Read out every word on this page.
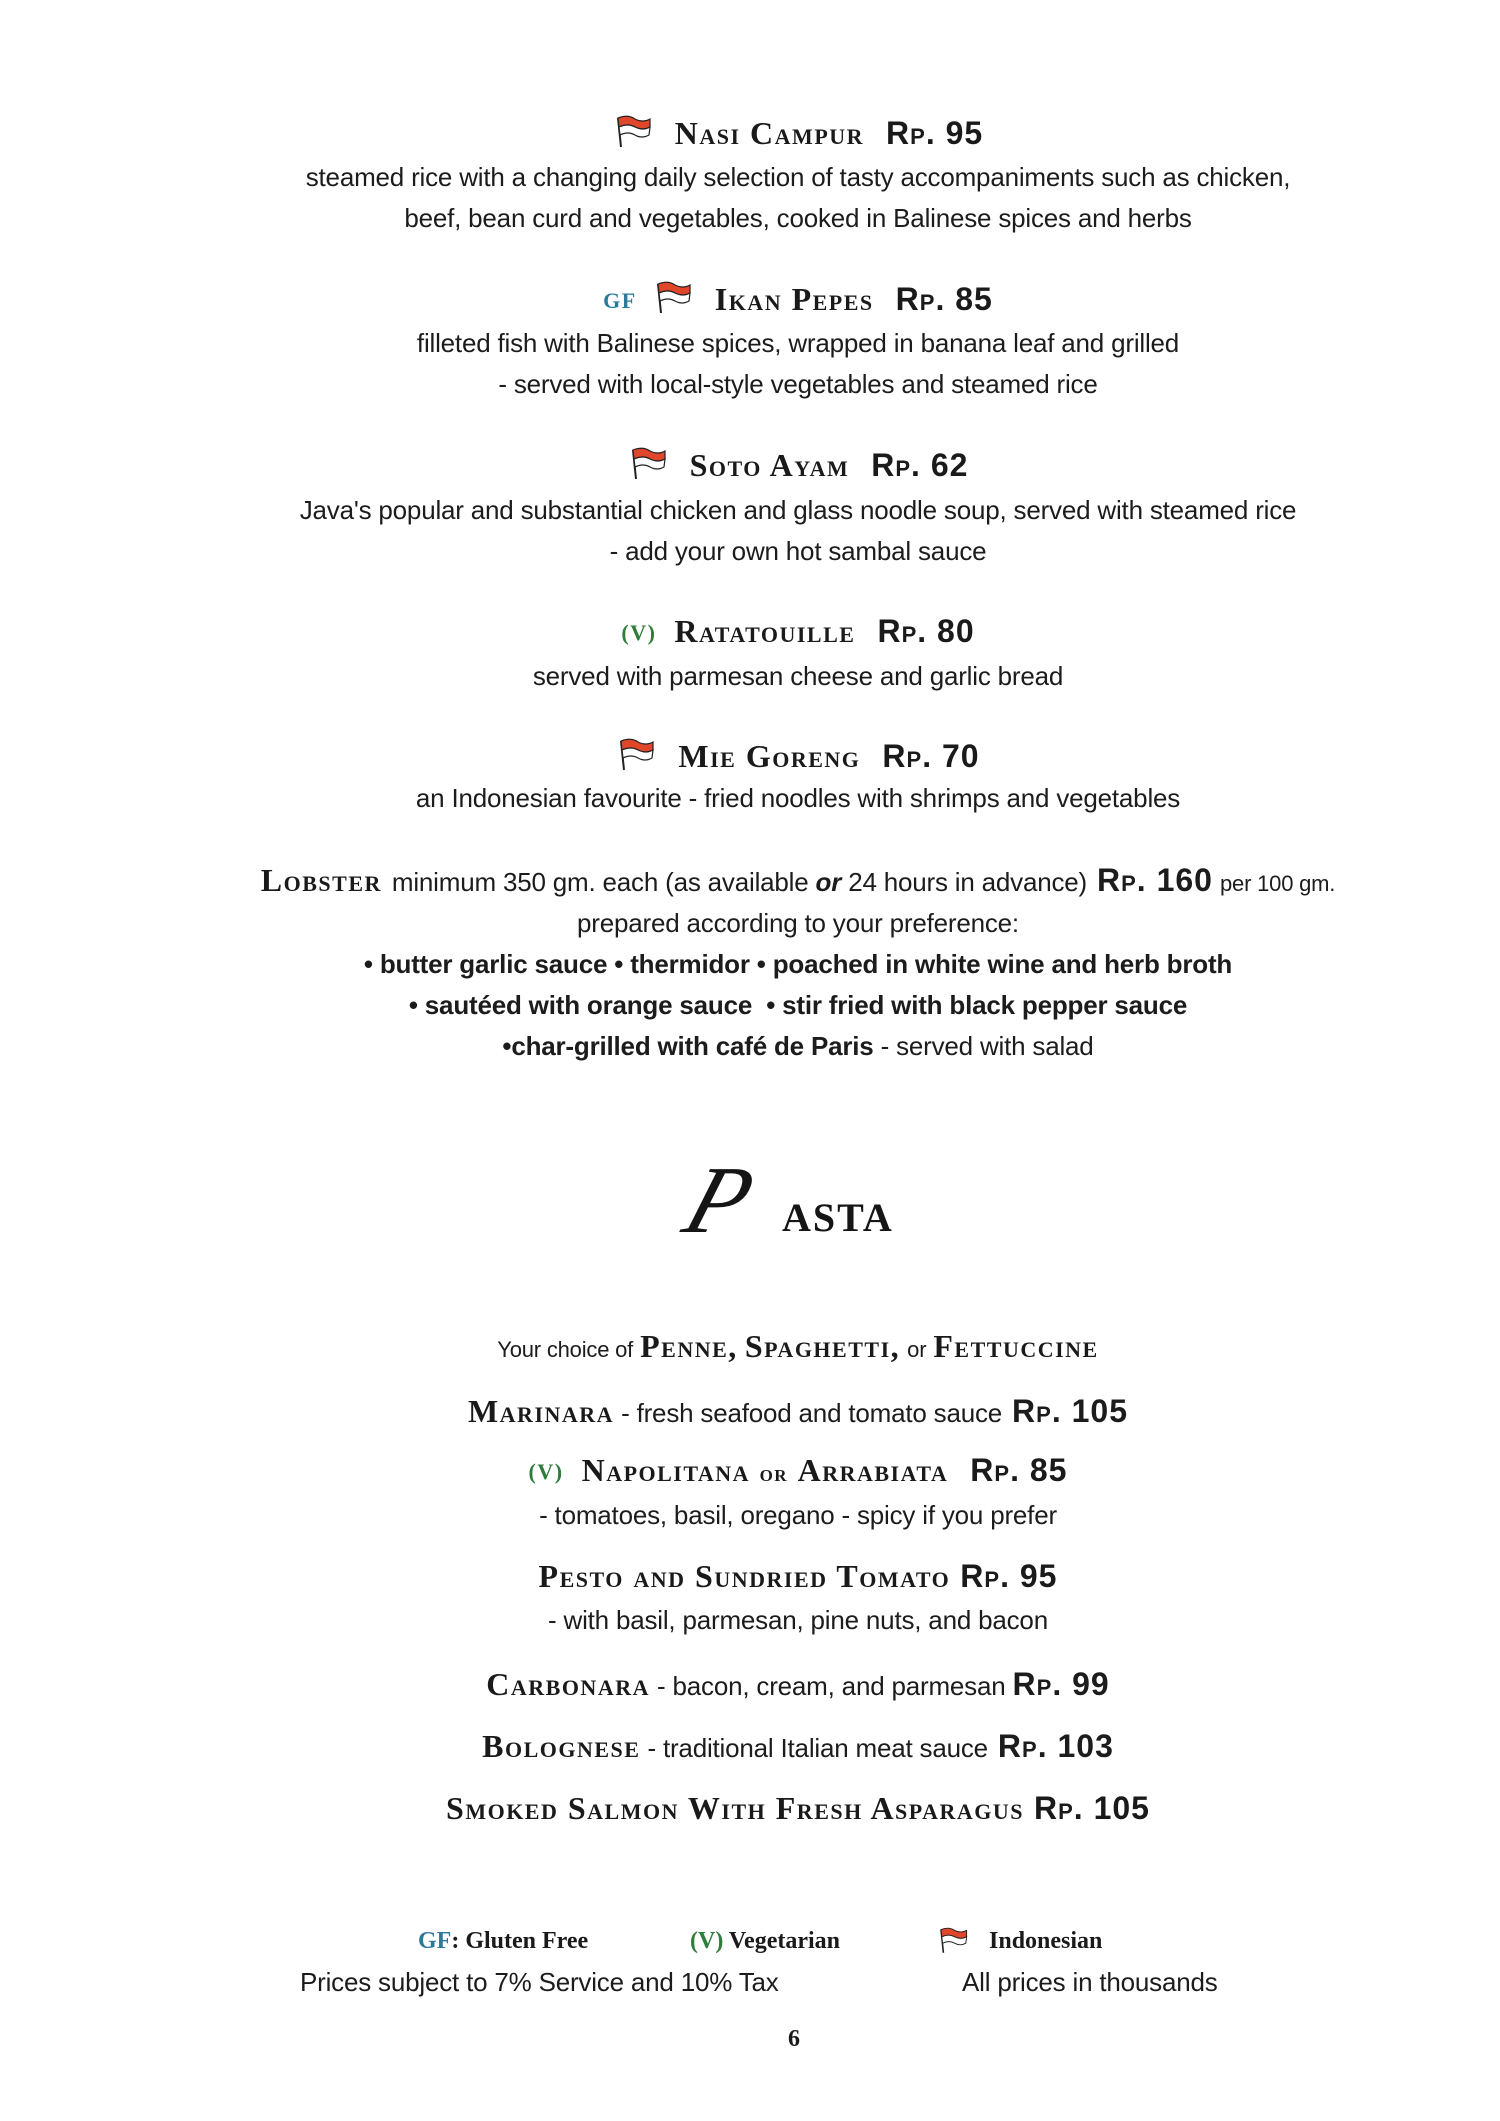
Nasi Campur Rp. 95
steamed rice with a changing daily selection of tasty accompaniments such as chicken,
beef, bean curd and vegetables, cooked in Balinese spices and herbs
GF Ikan Pepes Rp. 85
filleted fish with Balinese spices, wrapped in banana leaf and grilled
- served with local-style vegetables and steamed rice
Soto Ayam Rp. 62
Java's popular and substantial chicken and glass noodle soup, served with steamed rice
- add your own hot sambal sauce
(V) Ratatouille Rp. 80
served with parmesan cheese and garlic bread
Mie Goreng Rp. 70
an Indonesian favourite - fried noodles with shrimps and vegetables
Lobster minimum 350 gm. each (as available or 24 hours in advance) Rp. 160 per 100 gm.
prepared according to your preference:
• butter garlic sauce • thermidor • poached in white wine and herb broth
• sautéed with orange sauce • stir fried with black pepper sauce
•char-grilled with café de Paris - served with salad
P ASTA
Your choice of Penne, Spaghetti, or Fettuccine
Marinara - fresh seafood and tomato sauce Rp. 105
(V) Napolitana or Arrabiata Rp. 85
- tomatoes, basil, oregano - spicy if you prefer
Pesto and Sundried Tomato Rp. 95
- with basil, parmesan, pine nuts, and bacon
Carbonara - bacon, cream, and parmesan Rp. 99
Bolognese - traditional Italian meat sauce Rp. 103
Smoked Salmon With Fresh Asparagus Rp. 105
GF: Gluten Free	(V) Vegetarian	Indonesian
Prices subject to 7% Service and 10% Tax	All prices in thousands
6
